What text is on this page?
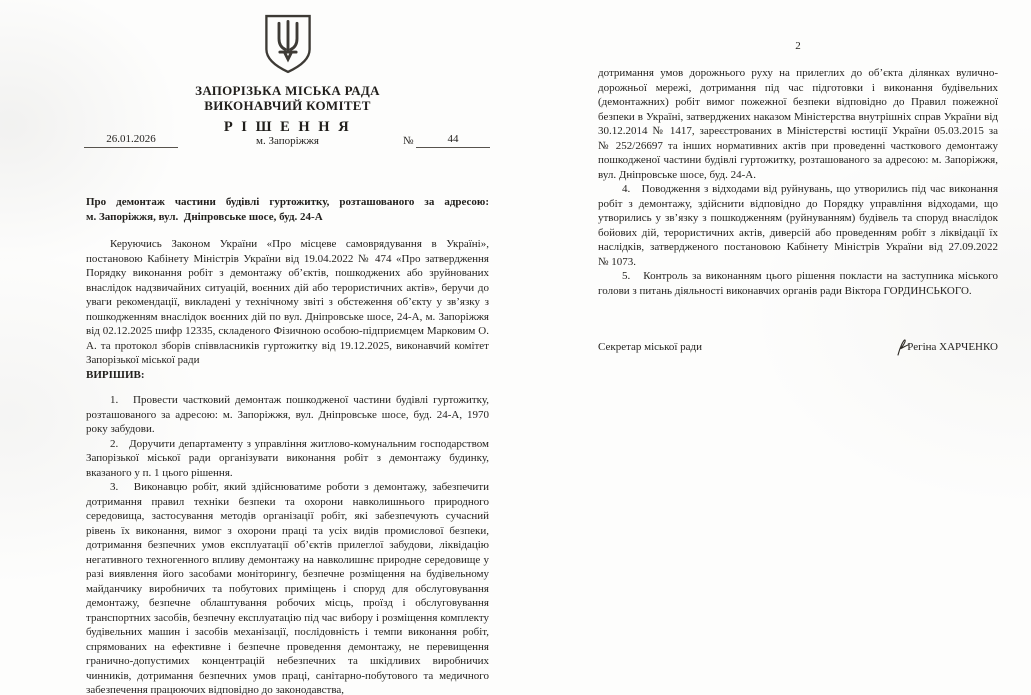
ЗАПОРІЗЬКА МІСЬКА РАДА
ВИКОНАВЧИЙ КОМІТЕТ
Р І Ш Е Н Н Я
26.01.2026	м. Запоріжжя	№	44

Про демонтаж частини будівлі гуртожитку, розташованого за адресою:

м. Запоріжжя, вул.  Дніпровське шосе, буд. 24-А

Керуючись Законом України «Про місцеве самоврядування в Україні», постановою Кабінету Міністрів України від 19.04.2022 № 474 «Про затвердження Порядку виконання робіт з демонтажу об’єктів, пошкоджених або зруйнованих внаслідок надзвичайних ситуацій, воєнних дій або терористичних актів», беручи до уваги рекомендації, викладені у технічному звіті з обстеження об’єкту у зв’язку з пошкодженням внаслідок воєнних дій по вул. Дніпровське шосе, 24-А, м. Запоріжжя від 02.12.2025 шифр 12335, складеного Фізичною особою-підприємцем Марковим О. А. та протокол зборів співвласників гуртожитку від 19.12.2025, виконавчий комітет Запорізької міської ради

ВИРІШИВ:

1.   Провести частковий демонтаж пошкодженої частини будівлі гуртожитку, розташованого за адресою: м. Запоріжжя, вул. Дніпровське шосе, буд. 24-А, 1970 року забудови.

2.   Доручити департаменту з управління житлово-комунальним господарством Запорізької міської ради організувати виконання робіт з демонтажу будинку, вказаного у п. 1 цього рішення.

3.   Виконавцю робіт, який здійснюватиме роботи з демонтажу, забезпечити дотримання правил техніки безпеки та охорони навколишнього природного середовища, застосування методів організації робіт, які забезпечують сучасний рівень їх виконання, вимог з охорони праці та усіх видів промислової безпеки, дотримання безпечних умов експлуатації об’єктів прилеглої забудови, ліквідацію негативного техногенного впливу демонтажу на навколишнє природне середовище у разі виявлення його засобами моніторингу, безпечне розміщення на будівельному майданчику виробничих та побутових приміщень і споруд для обслуговування демонтажу, безпечне облаштування робочих місць, проїзд і обслуговування транспортних засобів, безпечну експлуатацію під час вибору і розміщення комплекту будівельних машин і засобів механізації, послідовність і темпи виконання робіт, спрямованих на ефективне і безпечне проведення демонтажу, не перевищення гранично-допустимих концентрацій небезпечних та шкідливих виробничих чинників, дотримання безпечних умов праці, санітарно-побутового та медичного забезпечення працюючих відповідно до законодавства,

2

дотримання умов дорожнього руху на прилеглих до об’єкта ділянках вулично-дорожньої мережі, дотримання під час підготовки і виконання будівельних (демонтажних) робіт вимог пожежної безпеки відповідно до Правил пожежної безпеки в Україні, затверджених наказом Міністерства внутрішніх справ України від 30.12.2014 № 1417, зареєстрованих в Міністерстві юстиції України 05.03.2015 за № 252/26697 та інших нормативних актів при проведенні часткового демонтажу пошкодженої частини будівлі гуртожитку, розташованого за адресою: м. Запоріжжя, вул. Дніпровське шосе, буд. 24-А.

4.   Поводження з відходами від руйнувань, що утворились під час виконання робіт з демонтажу, здійснити відповідно до Порядку управління відходами, що утворились у зв’язку з пошкодженням (руйнуванням) будівель та споруд внаслідок бойових дій, терористичних актів, диверсій або проведенням робіт з ліквідації їх наслідків, затвердженого постановою Кабінету Міністрів України від 27.09.2022 № 1073.

5.   Контроль за виконанням цього рішення покласти на заступника міського голови з питань діяльності виконавчих органів ради Віктора ГОРДИНСЬКОГО.

Секретар міської ради	Регіна ХАРЧЕНКО
